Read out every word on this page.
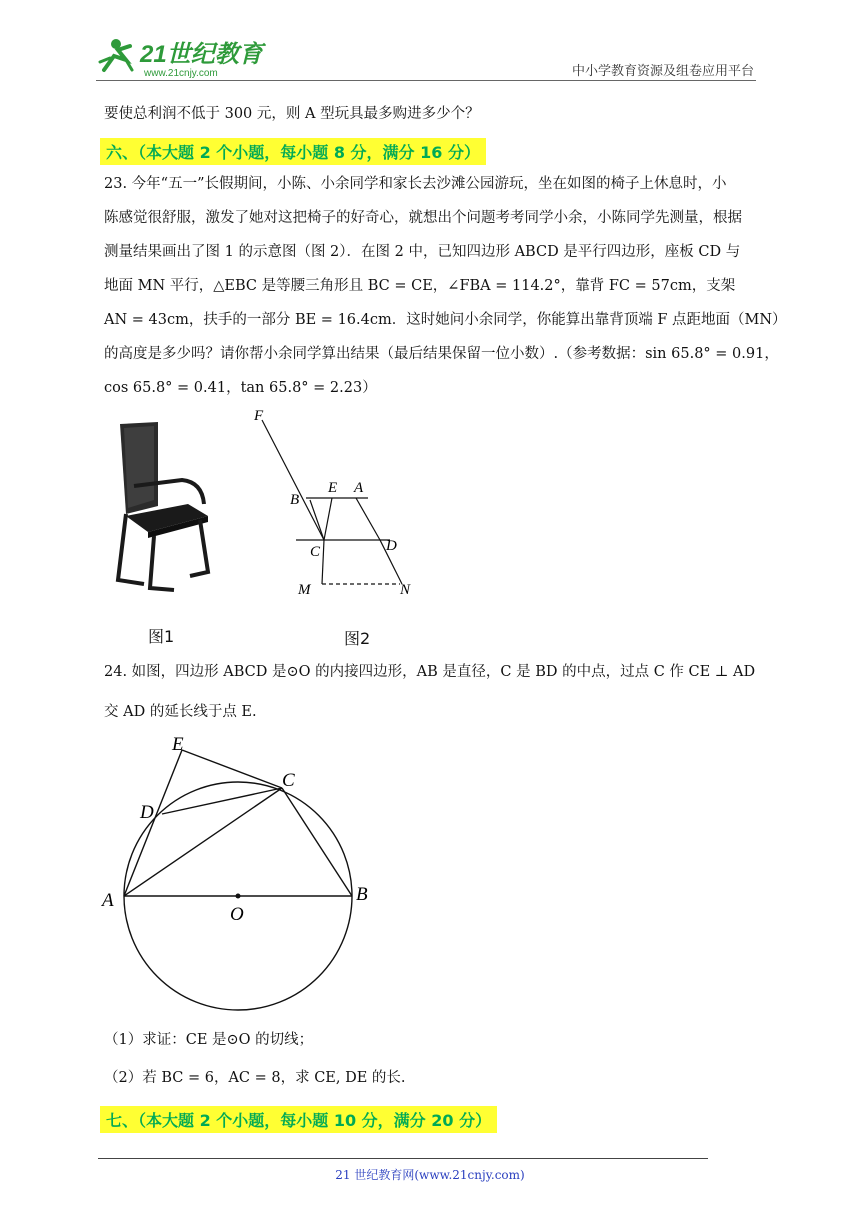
21世纪教育
www.21cnjy.com	中小学教育资源及组卷应用平台
要使总利润不低于 300 元，则 A 型玩具最多购进多少个？
六、（本大题 2 个小题，每小题 8 分，满分 16 分）
23. 今年“五一”长假期间，小陈、小余同学和家长去沙滩公园游玩，坐在如图的椅子上休息时，小
陈感觉很舒服，激发了她对这把椅子的好奇心，就想出个问题考考同学小余，小陈同学先测量，根据
测量结果画出了图 1 的示意图（图 2）．在图 2 中，已知四边形 ABCD 是平行四边形，座板 CD 与
地面 MN 平行，△EBC 是等腰三角形且 BC = CE，∠FBA = 114.2°，靠背 FC = 57cm，支架
AN = 43cm，扶手的一部分 BE = 16.4cm．这时她问小余同学，你能算出靠背顶端 F 点距地面（MN）
的高度是多少吗？请你帮小余同学算出结果（最后结果保留一位小数）.（参考数据：sin 65.8° = 0.91，
cos 65.8° = 0.41，tan 65.8° = 2.23）
F
E A
B
C	D
M	N
图1	图2
24. 如图，四边形 ABCD 是⊙O 的内接四边形，AB 是直径，C 是 BD 的中点，过点 C 作 CE ⊥ AD
交 AD 的延长线于点 E.
E
C
D
A
O
B
（1）求证：CE 是⊙O 的切线；
（2）若 BC = 6，AC = 8，求 CE, DE 的长.
七、（本大题 2 个小题，每小题 10 分，满分 20 分）
21 世纪教育网(www.21cnjy.com)
